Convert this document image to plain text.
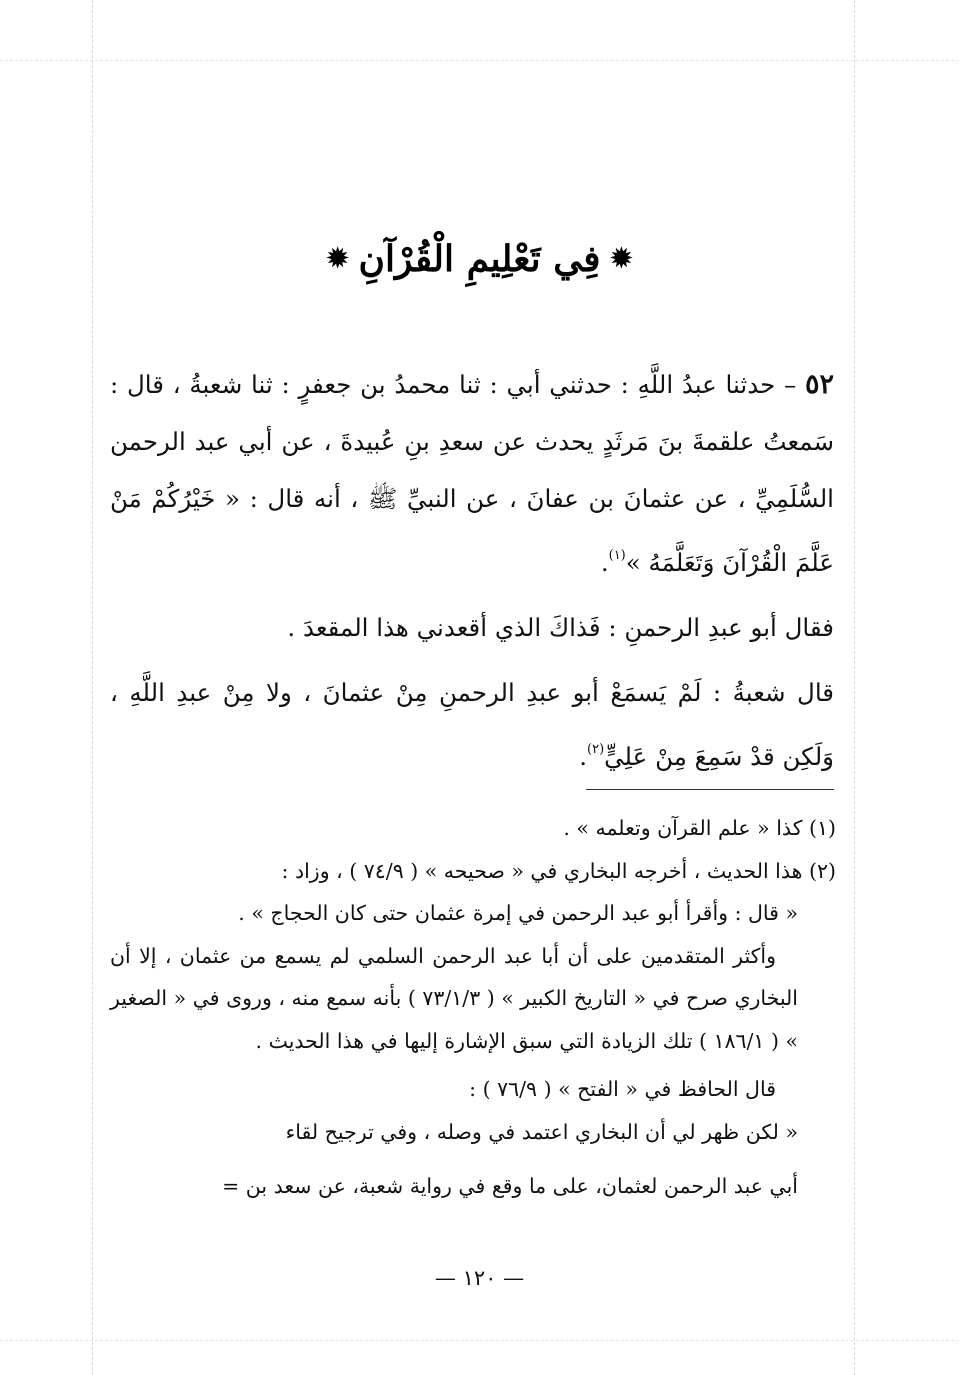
✹فِي تَعْلِيمِ الْقُرْآنِ✹

٥٢ – حدثنا عبدُ اللَّهِ : حدثني أبي : ثنا محمدُ بن جعفرٍ : ثنا شعبةُ ، قال : سَمعتُ علقمةَ بنَ مَرثَدٍ يحدث عن سعدِ بنِ عُبيدةَ ، عن أبي عبد الرحمن السُّلَمِيِّ ، عن عثمانَ بن عفانَ ، عن النبيِّ ﷺ ، أنه قال : « خَيْرُكُمْ مَنْ عَلَّمَ الْقُرْآنَ وَتَعَلَّمَهُ »$^{(١)}$.

فقال أبو عبدِ الرحمنِ : فَذاكَ الذي أقعدني هذا المقعدَ .

قال شعبةُ : لَمْ يَسمَعْ أبو عبدِ الرحمنِ مِنْ عثمانَ ، ولا مِنْ عبدِ اللَّهِ ، وَلَكِن قدْ سَمِعَ مِنْ عَلِيٍّ$^{(٢)}$.

(١) كذا « علم القرآن وتعلمه » .

(٢) هذا الحديث ، أخرجه البخاري في « صحيحه » ( ٧٤/٩ ) ، وزاد :

« قال : وأقرأ أبو عبد الرحمن في إمرة عثمان حتى كان الحجاج » .

وأكثر المتقدمين على أن أبا عبد الرحمن السلمي لم يسمع من عثمان ، إلا أن البخاري صرح في « التاريخ الكبير » ( ٧٣/١/٣ ) بأنه سمع منه ، وروى في « الصغير » ( ١٨٦/١ ) تلك الزيادة التي سبق الإشارة إليها في هذا الحديث .

قال الحافظ في « الفتح » ( ٧٦/٩ ) :

« لكن ظهر لي أن البخاري اعتمد في وصله ، وفي ترجيح لقاء

أبي عبد الرحمن لعثمان، على ما وقع في رواية شعبة، عن سعد بن =

— ١٢٠ —
